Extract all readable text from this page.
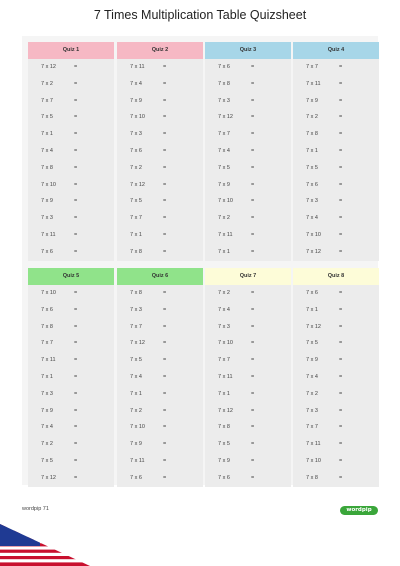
7 Times Multiplication Table Quizsheet
Quiz 1
7 x 12	=
7 x 2	=
7 x 7	=
7 x 5	=
7 x 1	=
7 x 4	=
7 x 8	=
7 x 10	=
7 x 9	=
7 x 3	=
7 x 11	=
7 x 6	=
Quiz 2
7 x 11	=
7 x 4	=
7 x 9	=
7 x 10	=
7 x 3	=
7 x 6	=
7 x 2	=
7 x 12	=
7 x 5	=
7 x 7	=
7 x 1	=
7 x 8	=
Quiz 3
7 x 6	=
7 x 8	=
7 x 3	=
7 x 12	=
7 x 7	=
7 x 4	=
7 x 5	=
7 x 9	=
7 x 10	=
7 x 2	=
7 x 11	=
7 x 1	=
Quiz 4
7 x 7	=
7 x 11	=
7 x 9	=
7 x 2	=
7 x 8	=
7 x 1	=
7 x 5	=
7 x 6	=
7 x 3	=
7 x 4	=
7 x 10	=
7 x 12	=
Quiz 5
7 x 10	=
7 x 6	=
7 x 8	=
7 x 7	=
7 x 11	=
7 x 1	=
7 x 3	=
7 x 9	=
7 x 4	=
7 x 2	=
7 x 5	=
7 x 12	=
Quiz 6
7 x 8	=
7 x 3	=
7 x 7	=
7 x 12	=
7 x 5	=
7 x 4	=
7 x 1	=
7 x 2	=
7 x 10	=
7 x 9	=
7 x 11	=
7 x 6	=
Quiz 7
7 x 2	=
7 x 4	=
7 x 3	=
7 x 10	=
7 x 7	=
7 x 11	=
7 x 1	=
7 x 12	=
7 x 8	=
7 x 5	=
7 x 9	=
7 x 6	=
Quiz 8
7 x 6	=
7 x 1	=
7 x 12	=
7 x 5	=
7 x 9	=
7 x 4	=
7 x 2	=
7 x 3	=
7 x 7	=
7 x 11	=
7 x 10	=
7 x 8	=
wordpip 71	wordpip
